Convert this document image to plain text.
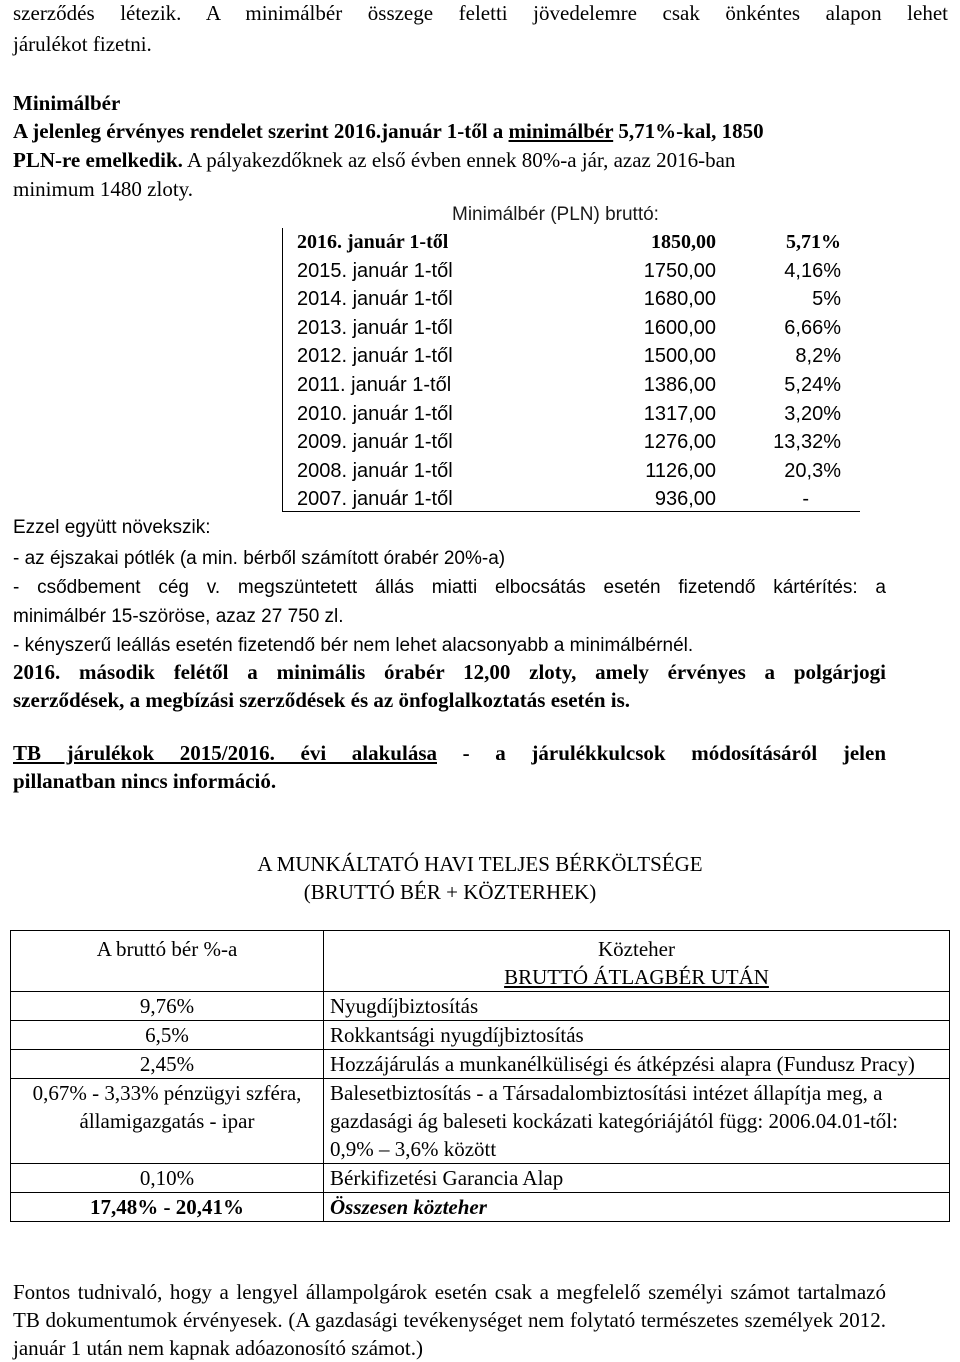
szerződés létezik. A minimálbér összege feletti jövedelemre csak önkéntes alapon lehet
járulékot fizetni.
Minimálbér
A jelenleg érvényes rendelet szerint 2016.január 1-től a minimálbér 5,71%-kal, 1850
PLN-re emelkedik. A pályakezdőknek az első évben ennek 80%-a jár, azaz 2016-ban
minimum 1480 zloty.
Minimálbér (PLN) bruttó:
2016. január 1-től	1850,00	5,71%
2015. január 1-től	1750,00	4,16%
2014. január 1-től	1680,00	5%
2013. január 1-től	1600,00	6,66%
2012. január 1-től	1500,00	8,2%
2011. január 1-től	1386,00	5,24%
2010. január 1-től	1317,00	3,20%
2009. január 1-től	1276,00	13,32%
2008. január 1-től	1126,00	20,3%
2007. január 1-től	936,00	-
Ezzel együtt növekszik:
- az éjszakai pótlék (a min. bérből számított órabér 20%-a)
- csődbement cég v. megszüntetett állás miatti elbocsátás esetén fizetendő kártérítés: a
minimálbér 15-szöröse, azaz 27 750 zl.
- kényszerű leállás esetén fizetendő bér nem lehet alacsonyabb a minimálbérnél.
2016. második felétől a minimális órabér 12,00 zloty, amely érvényes a polgárjogi
szerződések, a megbízási szerződések és az önfoglalkoztatás esetén is.
TB járulékok 2015/2016. évi alakulása - a járulékkulcsok módosításáról jelen
pillanatban nincs információ.
A MUNKÁLTATÓ HAVI TELJES BÉRKÖLTSÉGE
(BRUTTÓ BÉR + KÖZTERHEK)
A bruttó bér %-a	Közteher
BRUTTÓ ÁTLAGBÉR UTÁN

9,76%	Nyugdíjbiztosítás
6,5%	Rokkantsági nyugdíjbiztosítás
2,45%	Hozzájárulás a munkanélküliségi és átképzési alapra (Fundusz Pracy)
0,67% - 3,33% pénzügyi szféra, államigazgatás - ipar	Balesetbiztosítás - a Társadalombiztosítási intézet állapítja meg, a gazdasági ág baleseti kockázati kategóriájától függ: 2006.04.01-től: 0,9% – 3,6% között
0,10%	Bérkifizetési Garancia Alap
17,48% - 20,41%	Összesen közteher
Fontos tudnivaló, hogy a lengyel állampolgárok esetén csak a megfelelő személyi számot tartalmazó TB dokumentumok érvényesek. (A gazdasági tevékenységet nem folytató természetes személyek 2012. január 1 után nem kapnak adóazonosító számot.)
